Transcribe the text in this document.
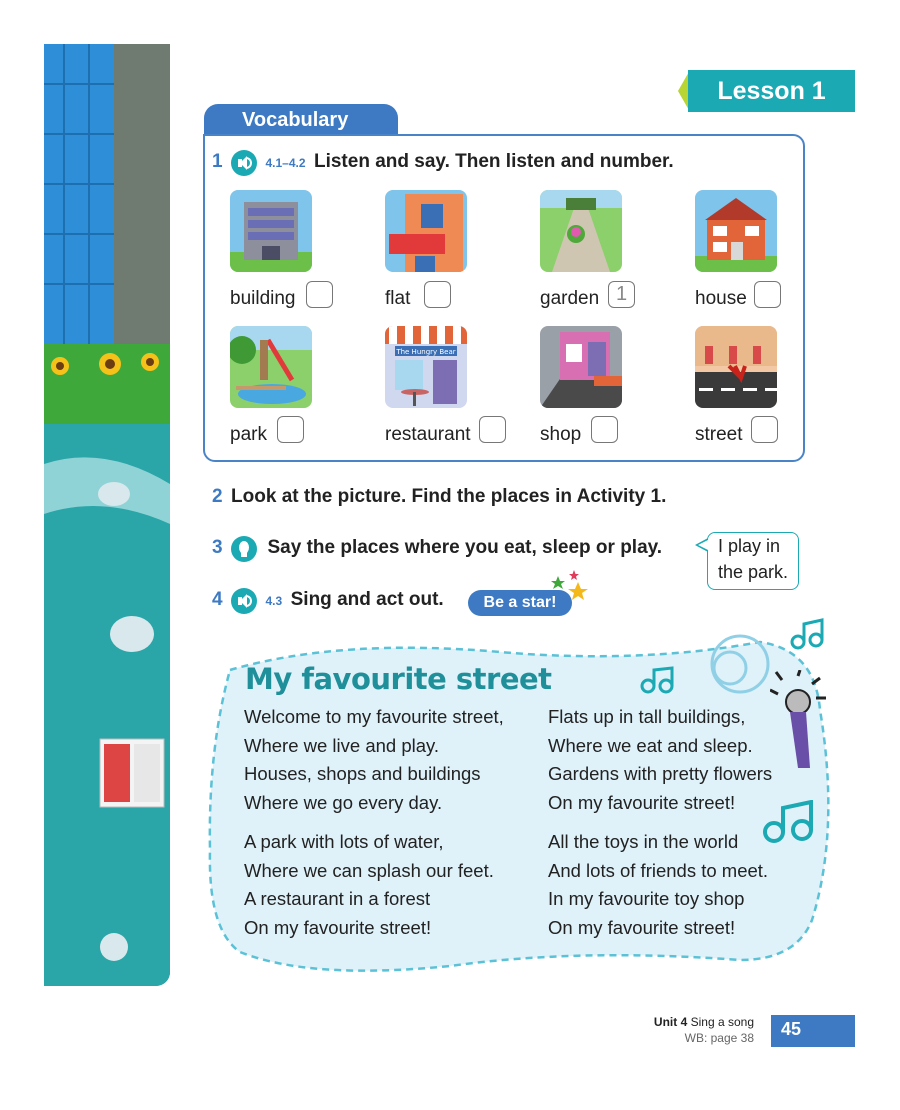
Lesson 1
Vocabulary
1	4.1–4.2 Listen and say. Then listen and number.
building	flat	garden 1	house
The Hungry Bear
park	restaurant	shop	street
2 Look at the picture. Find the places in Activity 1.
3 Say the places where you eat, sleep or play.	I play in
the park.
4	4.3 Sing and act out.	Be a star!
My favourite street
Welcome to my favourite street,
Where we live and play.
Houses, shops and buildings
Where we go every day.
A park with lots of water,
Where we can splash our feet.
A restaurant in a forest
On my favourite street!
Flats up in tall buildings,
Where we eat and sleep.
Gardens with pretty flowers
On my favourite street!
All the toys in the world
And lots of friends to meet.
In my favourite toy shop
On my favourite street!
Unit 4 Sing a song
WB: page 38	45
